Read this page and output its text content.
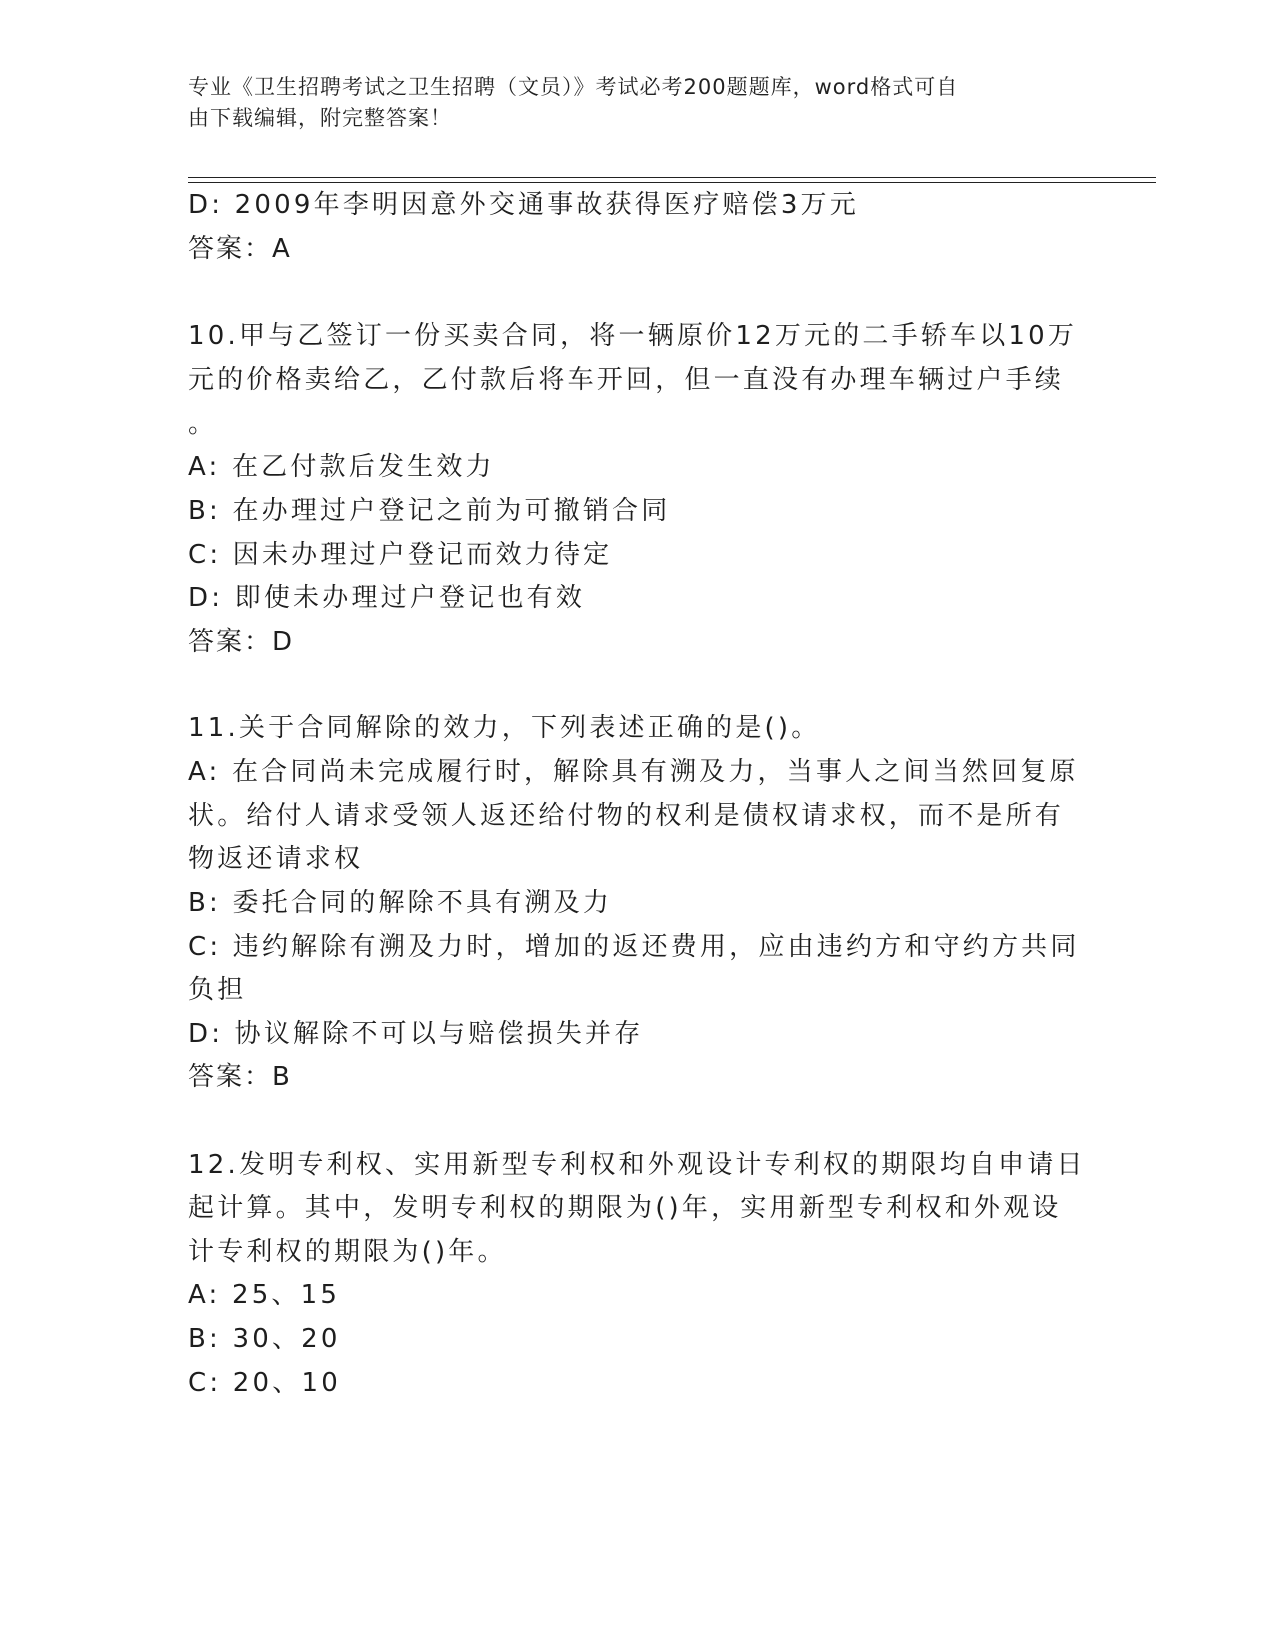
专业《卫生招聘考试之卫生招聘（文员）》考试必考200题题库，word格式可自
由下载编辑，附完整答案！
D: 2009年李明因意外交通事故获得医疗赔偿3万元
答案：A
10.甲与乙签订一份买卖合同，将一辆原价12万元的二手轿车以10万
元的价格卖给乙，乙付款后将车开回，但一直没有办理车辆过户手续
。
A: 在乙付款后发生效力
B: 在办理过户登记之前为可撤销合同
C: 因未办理过户登记而效力待定
D: 即使未办理过户登记也有效
答案：D
11.关于合同解除的效力，下列表述正确的是()。
A: 在合同尚未完成履行时，解除具有溯及力，当事人之间当然回复原
状。给付人请求受领人返还给付物的权利是债权请求权，而不是所有
物返还请求权
B: 委托合同的解除不具有溯及力
C: 违约解除有溯及力时，增加的返还费用，应由违约方和守约方共同
负担
D: 协议解除不可以与赔偿损失并存
答案：B
12.发明专利权、实用新型专利权和外观设计专利权的期限均自申请日
起计算。其中，发明专利权的期限为()年，实用新型专利权和外观设
计专利权的期限为()年。
A: 25、15
B: 30、20
C: 20、10
